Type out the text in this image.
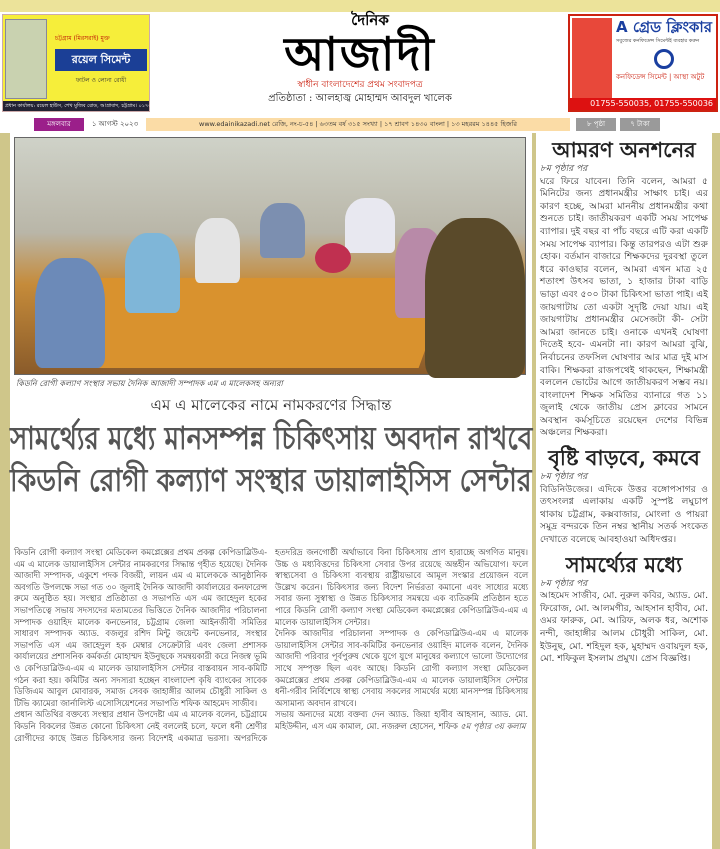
চট্টগ্রাম (মিরসরাই) মুক্ত
রয়েল সিমেন্ট
ফাটল ও লোনা রোধী
প্রধান কার্যালয়: রয়েল হাউস, শেখ মুজিব রোড, আগ্রাবাদ, চট্টগ্রাম। ০১৭৩০-১০৫৯৭০
দৈনিক
আজাদী
স্বাধীন বাংলাদেশের প্রথম সংবাদপত্র
প্রতিষ্ঠাতা : আলহাজ্ব মোহাম্মদ আবদুল খালেক
A গ্রেড ক্লিংকার
সবুজের কনফিডেন্স সিমেন্টই ব্যবহার করুন
কনফিডেন্স সিমেন্ট | আস্থা অটুট
01755-550035, 01755-550036
মঙ্গলবার	১ আগস্ট ২০২৩	www.edainikazadi.net রেজি, নং-চ-৫৪ | ৬৩তম বর্ষ ৩১৫ সংখ্যা | ১৭ শ্রাবণ ১৪৩০ বাংলা | ১৩ মহররম ১৪৪৫ হিজরি	৮ পৃষ্ঠা	৭ টাকা
কিডনি রোগী কল্যাণ সংস্থার সভায় দৈনিক আজাদী সম্পাদক এম এ মালেকসহ অন্যরা
এম এ মালেকের নামে নামকরণের সিদ্ধান্ত
সামর্থ্যের মধ্যে মানসম্পন্ন চিকিৎসায় অবদান রাখবে
কিডনি রোগী কল্যাণ সংস্থার ডায়ালাইসিস সেন্টার

কিডনি রোগী কল্যাণ সংস্থা মেডিকেল কমপ্লেক্সের প্রথম প্রকল্প কেপিডাব্লিউএ-এম এ মালেক ডায়ালাইসিস সেন্টার নামকরণের সিদ্ধান্ত গৃহীত হয়েছে। দৈনিক আজাদী সম্পাদক, একুশে পদক বিজয়ী, লায়ন এম এ মালেককে আনুষ্ঠানিক অবগতি উপলক্ষে সভা গত ৩০ জুলাই দৈনিক আজাদী কার্যালয়ের কনফারেন্স রুমে অনুষ্ঠিত হয়। সংস্থার প্রতিষ্ঠাতা ও সভাপতি এস এম জাহেদুল হকের সভাপতিত্বে সভায় সদস্যদের মতামতের ভিত্তিতে দৈনিক আজাদীর পরিচালনা সম্পাদক ওয়াহিদ মালেক কনভেনার, চট্টগ্রাম জেলা আইনজীবী সমিতির সাধারণ সম্পাদক অ্যাড. বজলুর রশিদ মিন্টু জয়েন্ট কনভেনার, সংস্থার সভাপতি এস এম জাহেদুল হক মেম্বার সেক্রেটারি এবং জেলা প্রশাসক কার্যালয়ের প্রশাসনিক কর্মকর্তা মোহাম্মদ ইউনুছকে সমন্বয়কারী করে নিজস্ব ভূমি ও কেপিডাব্লিউএ-এম এ মালেক ডায়ালাইসিস সেন্টার বাস্তবায়ন সাব-কমিটি গঠন করা হয়। কমিটির অন্য সদস্যরা হচ্ছেন বাংলাদেশ কৃষি ব্যাংকের সাবেক ডিজিএম আবুল মোবারক, সমাজ সেবক জাহাঙ্গীর আলম চৌধুরী সাকিল ও টিভি ক্যামেরা জার্নালিস্ট এসোসিয়েশনের সভাপতি শফিক আহমেদ সাজীব।

প্রধান অতিথির বক্তব্যে সংস্থার প্রধান উপদেষ্টা এম এ মালেক বলেন, চট্টগ্রামে কিডনি বিকলের উন্নত কোনো চিকিৎসা নেই বললেই চলে, ফলে ধনী শ্রেণীর রোগীদের কাছে উন্নত চিকিৎসার জন্য বিদেশই একমাত্র ভরসা। অপরদিকে হতদরিদ্র জনগোষ্ঠী অর্থাভাবে বিনা চিকিৎসায় প্রাণ হারাচ্ছে অগণিত মানুষ। উচ্চ ও মধ্যবিত্তদের চিকিৎসা সেবার উপর রয়েছে অন্তহীন অভিযোগ। ফলে স্বাস্থ্যসেবা ও চিকিৎসা ব্যবস্থায় রাষ্ট্রীয়ভাবে আমূল সংস্কার প্রয়োজন বলে উল্লেখ করেন। চিকিৎসার জন্য বিদেশ নির্ভরতা কমানো এবং সাধ্যের মধ্যে সবার জন্য সুস্বাস্থ্য ও উন্নত চিকিৎসার সমন্বয়ে এক ব্যতিক্রমি প্রতিষ্ঠান হতে পারে কিডনি রোগী কল্যাণ সংস্থা মেডিকেল কমপ্লেক্সের কেপিডাব্লিউএ-এম এ মালেক ডায়ালাইসিস সেন্টার।

দৈনিক আজাদীর পরিচালনা সম্পাদক ও কেপিডাব্লিউএ-এম এ মালেক ডায়ালাইসিস সেন্টার সাব-কমিটির কনভেনার ওয়াহিদ মালেক বলেন, দৈনিক আজাদী পরিবার পূর্বপুরুষ থেকে যুগে যুগে মানুষের কল্যাণে ভালো উদ্যোগের সাথে সম্পৃক্ত ছিল এবং আছে। কিডনি রোগী কল্যাণ সংস্থা মেডিকেল কমপ্লেক্সের প্রথম প্রকল্প কেপিডাব্লিউএ-এম এ মালেক ডায়ালাইসিস সেন্টার ধনী-গরীব নির্বিশেষে স্বাস্থ্য সেবায় সকলের সামর্থের মধ্যে মানসম্পন্ন চিকিৎসায় অসামান্য অবদান রাখবে।

সভায় অন্যদের মধ্যে বক্তব্য দেন অ্যাড. জিয়া হাবীব আহসান, অ্যাড. মো. মহিউদ্দীন, এস এম কামাল, মো. নজরুল হোসেন, শফিক ৫ম পৃষ্ঠার ৩য় কলাম

আমরণ অনশনের
৮ম পৃষ্ঠার পর
ঘরে ফিরে যাবেন। তিনি বলেন, আমরা ৫ মিনিটের জন্য প্রধানমন্ত্রীর সাক্ষাৎ চাই। এর কারণ হচ্ছে, আমরা মাননীয় প্রধানমন্ত্রীর কথা শুনতে চাই। জাতীয়করণ একটি সময় সাপেক্ষ ব্যাপার। দুই বছর বা পাঁচ বছরে এটি করা একটি সময় সাপেক্ষ ব্যাপার। কিন্তু তারপরও এটা শুরু হোক। বর্তমান বাজারে শিক্ষকদের দুরবস্থা তুলে ধরে কাওছার বলেন, আমরা এখন মাত্র ২৫ শতাংশ উৎসব ভাতা, ১ হাজার টাকা বাড়ি ভাড়া এবং ৫০০ টাকা চিকিৎসা ভাতা পাই। এই জায়গাটায় তো একটা সুদৃষ্টি দেয়া যায়। এই জায়গাটায় প্রধানমন্ত্রীর মেসেজটা কী- সেটা আমরা জানতে চাই। ওনাকে এখনই ঘোষণা দিতেই হবে- এমনটা না। কারণ আমরা বুঝি, নির্বাচনের তফসিল ঘোষণার আর মাত্র দুই মাস বাকি। শিক্ষকরা রাজপথেই থাকছেন, শিক্ষামন্ত্রী বললেন ভোটের আগে জাতীয়করণ সম্ভব নয়। বাংলাদেশ শিক্ষক সমিতির ব্যানারে গত ১১ জুলাই থেকে জাতীয় প্রেস ক্লাবের সামনে অবস্থান কর্মসূচিতে রয়েছেন দেশের বিভিন্ন অঞ্চলের শিক্ষকরা।
বৃষ্টি বাড়বে, কমবে
৮ম পৃষ্ঠার পর
বিডিনিউজের। এদিকে উত্তর বঙ্গোপসাগর ও তৎসংলগ্ন এলাকায় একটি সুস্পষ্ট লঘুচাপ থাকায় চট্টগ্রাম, কক্সবাজার, মোংলা ও পায়রা সমুদ্র বন্দরকে তিন নম্বর স্থানীয় সতর্ক সংকেত দেখাতে বলেছে আবহাওয়া অধিদপ্তর।
সামর্থ্যের মধ্যে
৮ম পৃষ্ঠার পর
আহমেদ সাজীব, মো. নুরুল কবির, অ্যাড. মো. ফিরোজ, মো. আলমগীর, আহসান হাবীব, মো. ওমর ফারুক, মো. আরিফ, অলক ধর, অশোক নন্দী, জাহাঙ্গীর আলম চৌধুরী সাকিল, মো. ইউনুছ, মো. শহিদুল হক, মুহাম্মদ ওবায়দুল হক, মো. শফিকুল ইসলাম প্রমুখ। প্রেস বিজ্ঞপ্তি।
